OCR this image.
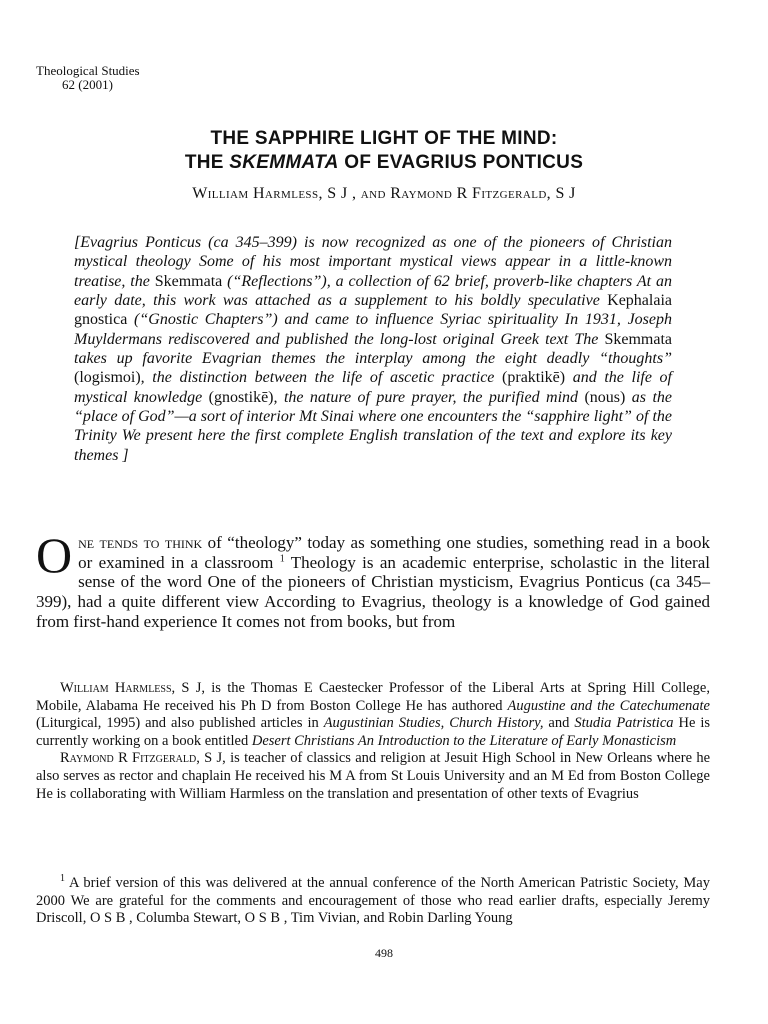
Theological Studies
62 (2001)
THE SAPPHIRE LIGHT OF THE MIND:
THE SKEMMATA OF EVAGRIUS PONTICUS
William Harmless, S J , and Raymond R Fitzgerald, S J
[Evagrius Ponticus (ca 345–399) is now recognized as one of the pioneers of Christian mystical theology Some of his most important mystical views appear in a little-known treatise, the Skemmata (“Reflections”), a collection of 62 brief, proverb-like chapters At an early date, this work was attached as a supplement to his boldly speculative Kephalaia gnostica (“Gnostic Chapters”) and came to influence Syriac spirituality In 1931, Joseph Muyldermans rediscovered and published the long-lost original Greek text The Skemmata takes up favorite Evagrian themes the interplay among the eight deadly “thoughts” (logismoi), the distinction between the life of ascetic practice (praktikē) and the life of mystical knowledge (gnostikē), the nature of pure prayer, the purified mind (nous) as the “place of God”—a sort of interior Mt Sinai where one encounters the “sapphire light” of the Trinity We present here the first complete English translation of the text and explore its key themes ]
One tends to think of “theology” today as something one studies, something read in a book or examined in a classroom $^1$ Theology is an academic enterprise, scholastic in the literal sense of the word One of the pioneers of Christian mysticism, Evagrius Ponticus (ca 345–399), had a quite different view According to Evagrius, theology is a knowledge of God gained from first-hand experience It comes not from books, but from

William Harmless, S J, is the Thomas E Caestecker Professor of the Liberal Arts at Spring Hill College, Mobile, Alabama He received his Ph D from Boston College He has authored Augustine and the Catechumenate (Liturgical, 1995) and also published articles in Augustinian Studies, Church History, and Studia Patristica He is currently working on a book entitled Desert Christians An Introduction to the Literature of Early Monasticism

Raymond R Fitzgerald, S J, is teacher of classics and religion at Jesuit High School in New Orleans where he also serves as rector and chaplain He received his M A from St Louis University and an M Ed from Boston College He is collaborating with William Harmless on the translation and presentation of other texts of Evagrius

$^1$ A brief version of this was delivered at the annual conference of the North American Patristic Society, May 2000 We are grateful for the comments and encouragement of those who read earlier drafts, especially Jeremy Driscoll, O S B , Columba Stewart, O S B , Tim Vivian, and Robin Darling Young
498
